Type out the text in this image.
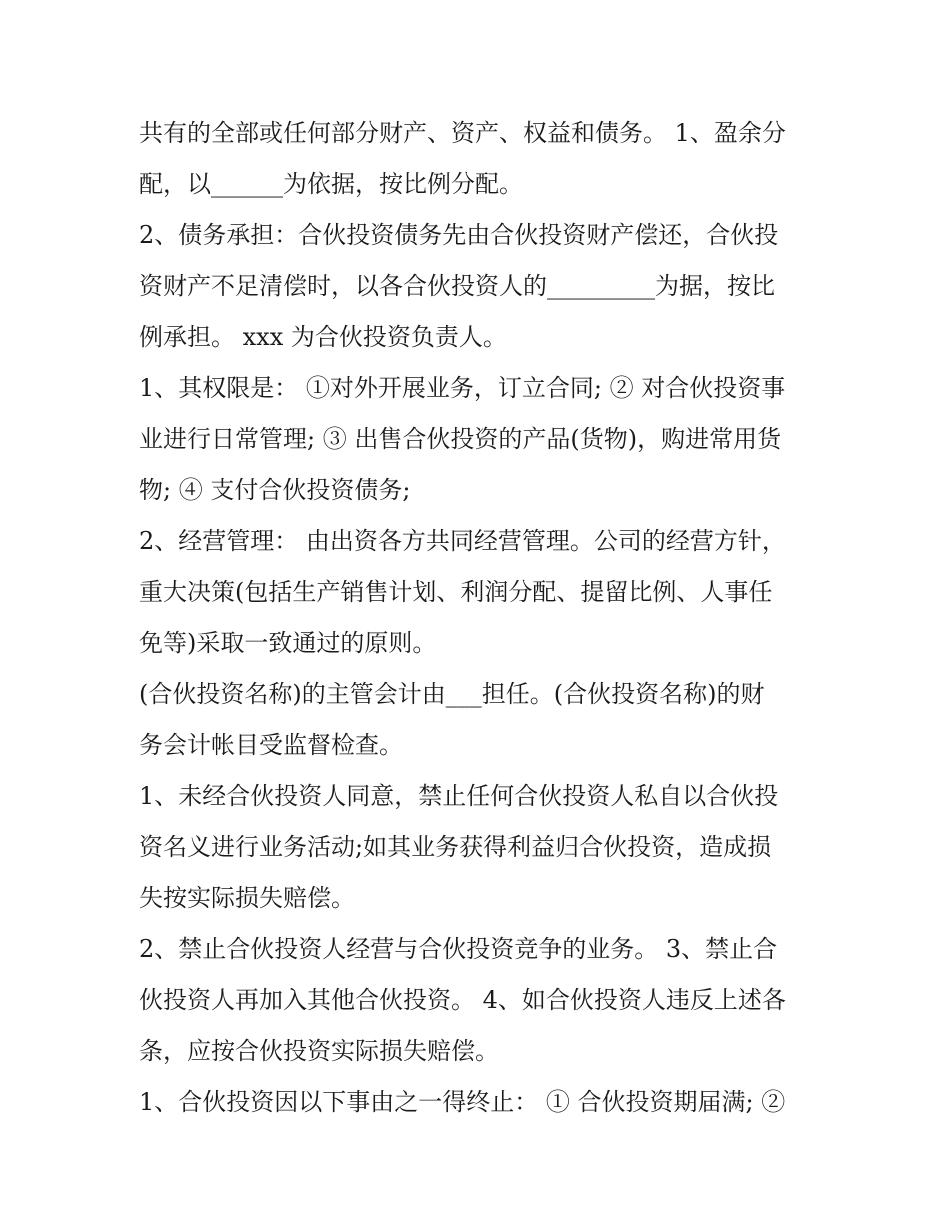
共有的全部或任何部分财产、资产、权益和债务。 1、盈余分
配，以______为依据，按比例分配。

2、债务承担：合伙投资债务先由合伙投资财产偿还，合伙投
资财产不足清偿时，以各合伙投资人的_________为据，按比
例承担。 xxx 为合伙投资负责人。

1、其权限是： ①对外开展业务，订立合同; ② 对合伙投资事
业进行日常管理; ③ 出售合伙投资的产品(货物)，购进常用货
物; ④ 支付合伙投资债务;

2、经营管理： 由出资各方共同经营管理。公司的经营方针，
重大决策(包括生产销售计划、利润分配、提留比例、人事任
免等)采取一致通过的原则。

(合伙投资名称)的主管会计由___担任。(合伙投资名称)的财
务会计帐目受监督检查。

1、未经合伙投资人同意，禁止任何合伙投资人私自以合伙投
资名义进行业务活动;如其业务获得利益归合伙投资，造成损
失按实际损失赔偿。

2、禁止合伙投资人经营与合伙投资竞争的业务。 3、禁止合
伙投资人再加入其他合伙投资。 4、如合伙投资人违反上述各
条，应按合伙投资实际损失赔偿。

1、合伙投资因以下事由之一得终止： ① 合伙投资期届满; ②
